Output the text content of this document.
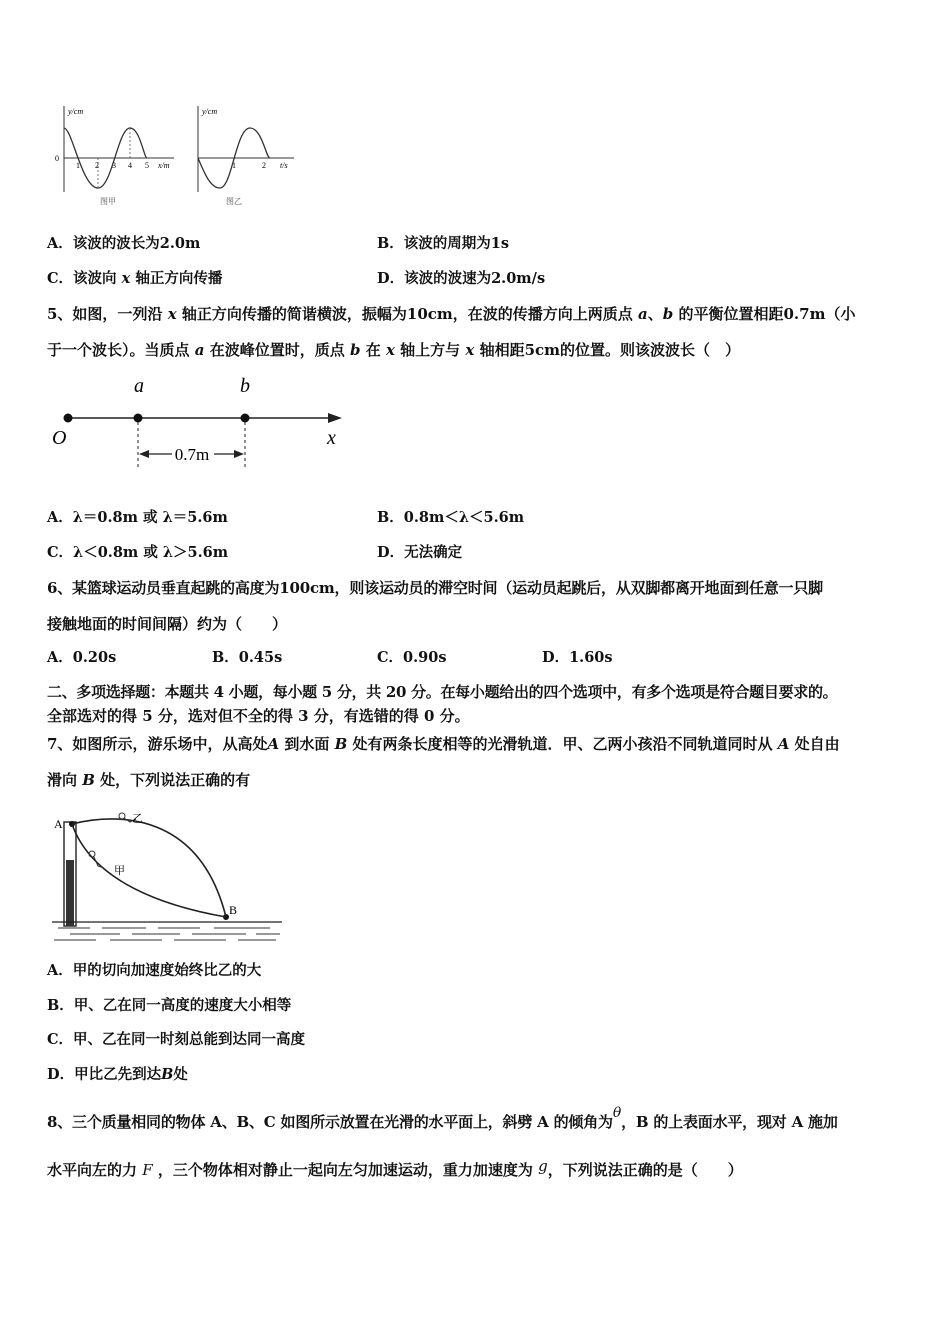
y/cm
0
1 2 3 4 5 x/m
图甲
y/cm
1	2 t/s
图乙
A．该波的波长为2.0m	B．该波的周期为1s
C．该波向 x 轴正方向传播	D．该波的波速为2.0m/s
5、如图，一列沿 x 轴正方向传播的简谐横波，振幅为10cm，在波的传播方向上两质点 a、b 的平衡位置相距0.7m（小
于一个波长）。当质点 a 在波峰位置时，质点 b 在 x 轴上方与 x 轴相距5cm的位置。则该波波长（　）
0.7m
a	b
O	x
A．λ＝0.8m 或 λ＝5.6m	B．0.8m＜λ＜5.6m
C．λ＜0.8m 或 λ＞5.6m	D．无法确定
6、某篮球运动员垂直起跳的高度为100cm，则该运动员的滞空时间（运动员起跳后，从双脚都离开地面到任意一只脚
接触地面的时间间隔）约为（　　）
A．0.20s	B．0.45s	C．0.90s	D．1.60s
二、多项选择题：本题共 4 小题，每小题 5 分，共 20 分。在每小题给出的四个选项中，有多个选项是符合题目要求的。
全部选对的得 5 分，选对但不全的得 3 分，有选错的得 0 分。
7、如图所示，游乐场中，从高处A 到水面 B 处有两条长度相等的光滑轨道．甲、乙两小孩沿不同轨道同时从 A 处自由
滑向 B 处，下列说法正确的有
乙
甲
A
B
A．甲的切向加速度始终比乙的大
B．甲、乙在同一高度的速度大小相等
C．甲、乙在同一时刻总能到达同一高度
D．甲比乙先到达B处
8、三个质量相同的物体 A、B、C 如图所示放置在光滑的水平面上，斜劈 A 的倾角为θ，B 的上表面水平，现对 A 施加
水平向左的力 F ，三个物体相对静止一起向左匀加速运动，重力加速度为 g，下列说法正确的是（　　）
